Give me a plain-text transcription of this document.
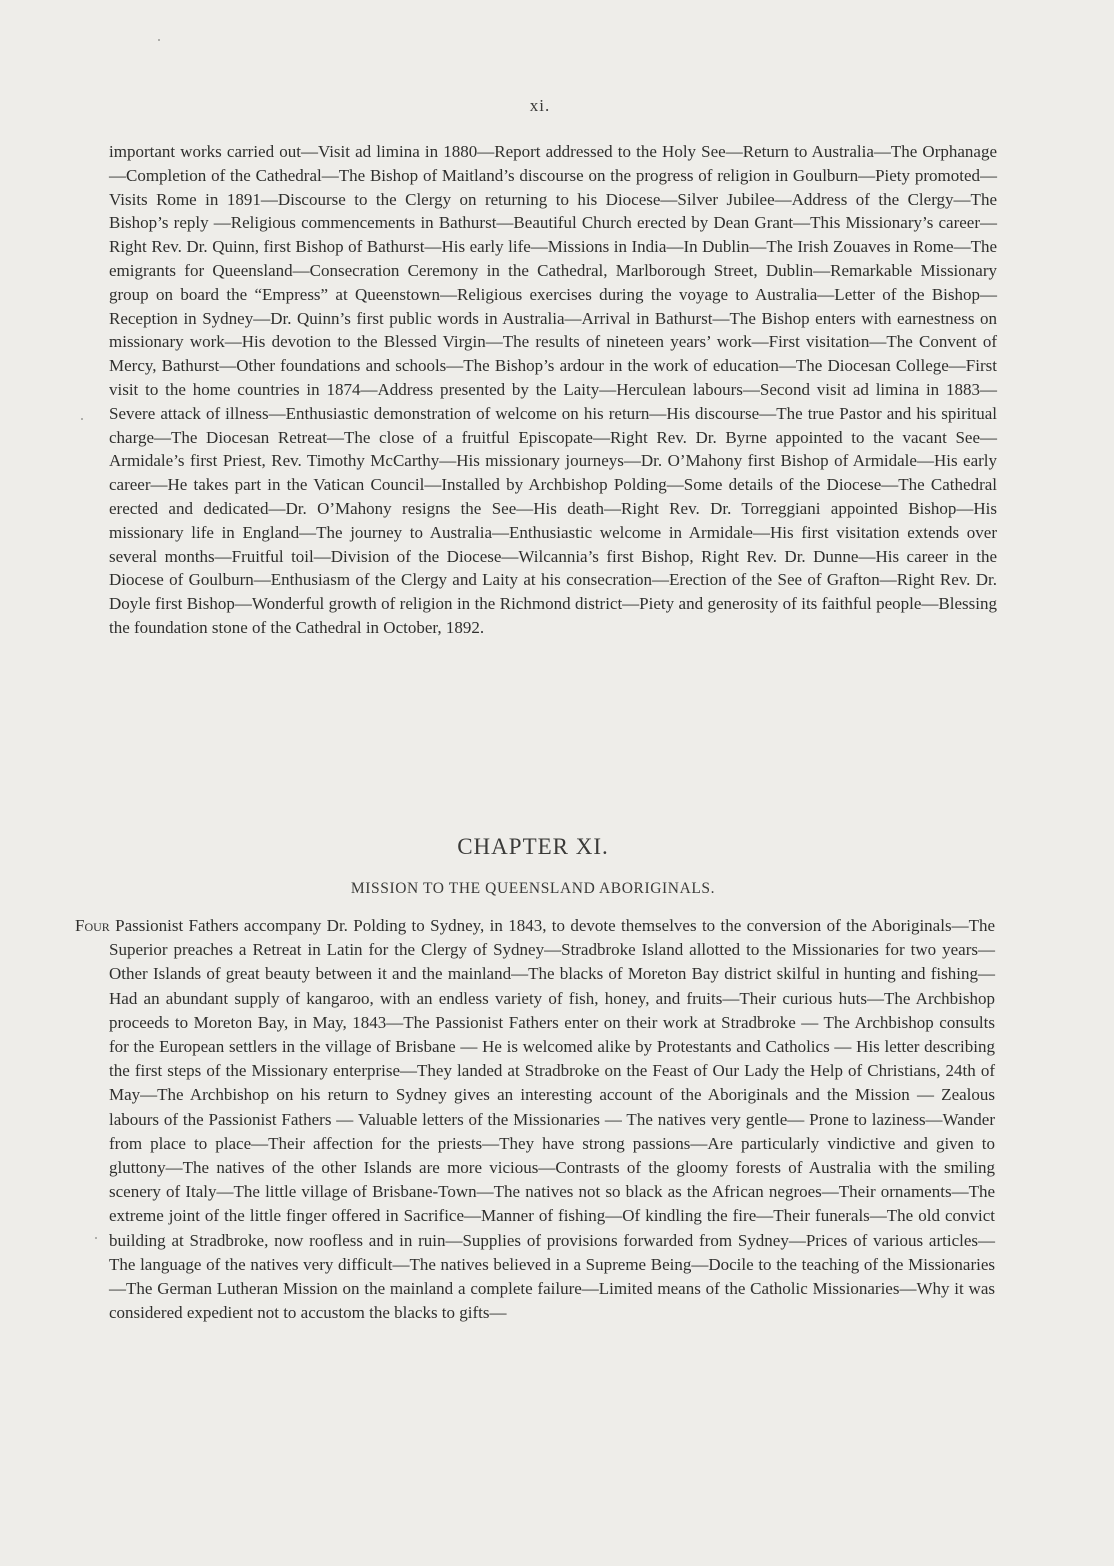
xi.

important works carried out—Visit ad limina in 1880—Report addressed to the Holy See—Return to Australia—The Orphanage—Completion of the Cathedral—The Bishop of Maitland’s discourse on the progress of religion in Goulburn—Piety promoted—Visits Rome in 1891—Discourse to the Clergy on returning to his Diocese—Silver Jubilee—Address of the Clergy—The Bishop’s reply —Religious commencements in Bathurst—Beautiful Church erected by Dean Grant—This Missionary’s career—Right Rev. Dr. Quinn, first Bishop of Bathurst—His early life—Missions in India—In Dublin—The Irish Zouaves in Rome—The emigrants for Queensland—Consecration Ceremony in the Cathedral, Marlborough Street, Dublin—Remarkable Missionary group on board the “Empress” at Queenstown—Religious exercises during the voyage to Australia—Letter of the Bishop—Reception in Sydney—Dr. Quinn’s first public words in Australia—Arrival in Bathurst—The Bishop enters with earnestness on missionary work—His devotion to the Blessed Virgin—The results of nineteen years’ work—First visitation—The Convent of Mercy, Bathurst—Other foundations and schools—The Bishop’s ardour in the work of education—The Diocesan College—First visit to the home countries in 1874—Address presented by the Laity—Herculean labours—Second visit ad limina in 1883—Severe attack of illness—Enthusiastic demonstration of welcome on his return—His discourse—The true Pastor and his spiritual charge—The Diocesan Retreat—The close of a fruitful Episcopate—Right Rev. Dr. Byrne appointed to the vacant See—Armidale’s first Priest, Rev. Timothy McCarthy—His missionary journeys—Dr. O’Mahony first Bishop of Armidale—His early career—He takes part in the Vatican Council—Installed by Archbishop Polding—Some details of the Diocese—The Cathedral erected and dedicated—Dr. O’Mahony resigns the See—His death—Right Rev. Dr. Torreggiani appointed Bishop—His missionary life in England—The journey to Australia—Enthusiastic welcome in Armidale—His first visitation extends over several months—Fruitful toil—Division of the Diocese—Wilcannia’s first Bishop, Right Rev. Dr. Dunne—His career in the Diocese of Goulburn—Enthusiasm of the Clergy and Laity at his consecration—Erection of the See of Grafton—Right Rev. Dr. Doyle first Bishop—Wonderful growth of religion in the Richmond district—Piety and generosity of its faithful people—Blessing the foundation stone of the Cathedral in October, 1892.

CHAPTER XI.
MISSION TO THE QUEENSLAND ABORIGINALS.

Four Passionist Fathers accompany Dr. Polding to Sydney, in 1843, to devote themselves to the conversion of the Aboriginals—The Superior preaches a Retreat in Latin for the Clergy of Sydney—Stradbroke Island allotted to the Missionaries for two years—Other Islands of great beauty between it and the mainland—The blacks of Moreton Bay district skilful in hunting and fishing—Had an abundant supply of kangaroo, with an endless variety of fish, honey, and fruits—Their curious huts—The Archbishop proceeds to Moreton Bay, in May, 1843—The Passionist Fathers enter on their work at Stradbroke — The Archbishop consults for the European settlers in the village of Brisbane — He is welcomed alike by Protestants and Catholics — His letter describing the first steps of the Missionary enterprise—They landed at Stradbroke on the Feast of Our Lady the Help of Christians, 24th of May—The Archbishop on his return to Sydney gives an interesting account of the Aboriginals and the Mission — Zealous labours of the Passionist Fathers — Valuable letters of the Missionaries — The natives very gentle— Prone to laziness—Wander from place to place—Their affection for the priests—They have strong passions—Are particularly vindictive and given to gluttony—The natives of the other Islands are more vicious—Contrasts of the gloomy forests of Australia with the smiling scenery of Italy—The little village of Brisbane-Town—The natives not so black as the African negroes—Their ornaments—The extreme joint of the little finger offered in Sacrifice—Manner of fishing—Of kindling the fire—Their funerals—The old convict building at Stradbroke, now roofless and in ruin—Supplies of provisions forwarded from Sydney—Prices of various articles—The language of the natives very difficult—The natives believed in a Supreme Being—Docile to the teaching of the Missionaries—The German Lutheran Mission on the mainland a complete failure—Limited means of the Catholic Missionaries—Why it was considered expedient not to accustom the blacks to gifts—
